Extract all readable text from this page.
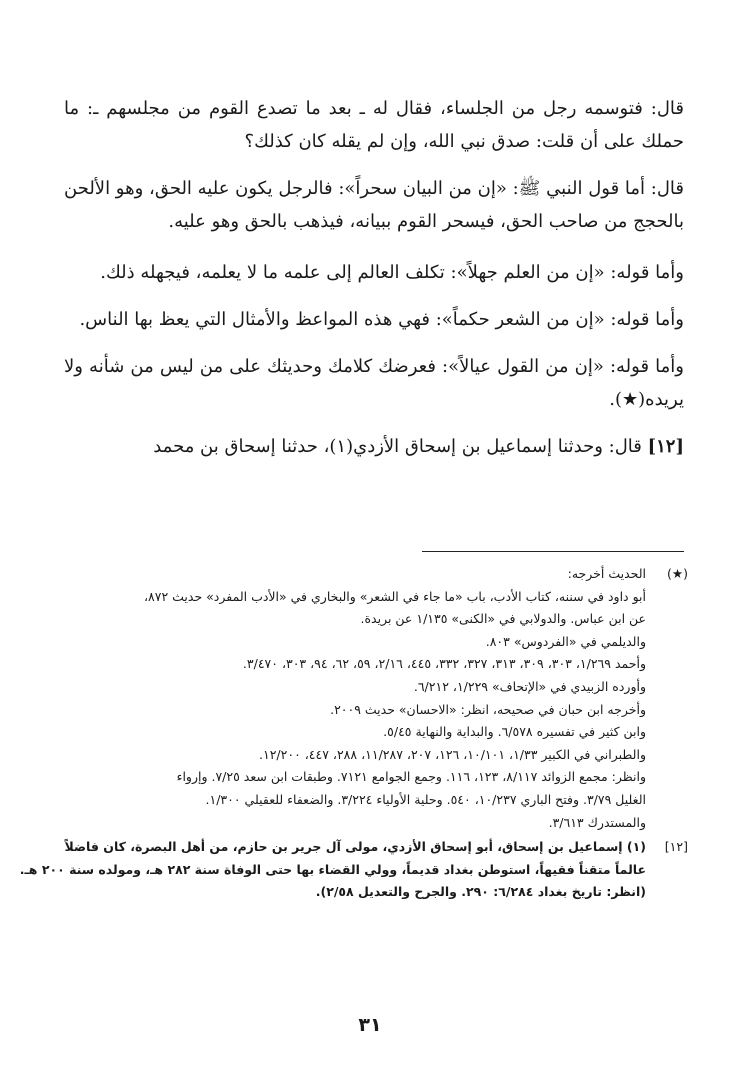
قال: فتوسمه رجل من الجلساء، فقال له ـ بعد ما تصدع القوم من مجلسهم ـ: ما حملك على أن قلت: صدق نبي الله، وإن لم يقله كان كذلك؟

قال: أما قول النبي ﷺ: «إن من البيان سحراً»: فالرجل يكون عليه الحق، وهو الألحن بالحجج من صاحب الحق، فيسحر القوم ببيانه، فيذهب بالحق وهو عليه.

وأما قوله: «إن من العلم جهلاً»: تكلف العالم إلى علمه ما لا يعلمه، فيجهله ذلك.

وأما قوله: «إن من الشعر حكماً»: فهي هذه المواعظ والأمثال التي يعظ بها الناس.

وأما قوله: «إن من القول عيالاً»: فعرضك كلامك وحديثك على من ليس من شأنه ولا يريده(★).

[١٢] قال: وحدثنا إسماعيل بن إسحاق الأزدي(١)، حدثنا إسحاق بن محمد

(★)
الحديث أخرجه:
أبو داود في سننه، كتاب الأدب، باب «ما جاء في الشعر» والبخاري في «الأدب المفرد» حديث ٨٧٢،
عن ابن عباس. والدولابي في «الكنى» ١/١٣٥ عن بريدة.
والديلمي في «الفردوس» ٨٠٣.
وأحمد ١/٢٦٩، ٣٠٣، ٣٠٩، ٣١٣، ٣٢٧، ٣٣٢، ٤٤٥، ٢/١٦، ٥٩، ٦٢، ٩٤، ٣٠٣، ٣/٤٧٠.
وأورده الزبيدي في «الإتحاف» ١/٢٢٩، ٦/٢١٢.
وأخرجه ابن حبان في صحيحه، انظر: «الاحسان» حديث ٢٠٠٩.
وابن كثير في تفسيره ٦/٥٧٨. والبداية والنهاية ٥/٤٥.
والطبراني في الكبير ١/٣٣، ١٠/١٠١، ١٢٦، ٢٠٧، ١١/٢٨٧، ٢٨٨، ٤٤٧، ١٢/٢٠٠.
وانظر: مجمع الزوائد ٨/١١٧، ١٢٣، ١١٦. وجمع الجوامع ٧١٢١. وطبقات ابن سعد ٧/٢٥. وإرواء
الغليل ٣/٧٩. وفتح الباري ١٠/٢٣٧، ٥٤٠. وحلية الأولياء ٣/٢٢٤. والضعفاء للعقيلي ١/٣٠٠.
والمستدرك ٣/٦١٣.
[١٢]
(١) إسماعيل بن إسحاق، أبو إسحاق الأزدي، مولى آل جرير بن حازم، من أهل البصرة، كان فاضلاً
عالماً متقناً فقيهاً، استوطن بغداد قديماً، وولي القضاء بها حتى الوفاة سنة ٢٨٢ هـ، ومولده سنة ٢٠٠ هـ.
(انظر: تاريخ بغداد ٦/٢٨٤: ٢٩٠. والجرح والتعديل ٢/٥٨).
٣١
